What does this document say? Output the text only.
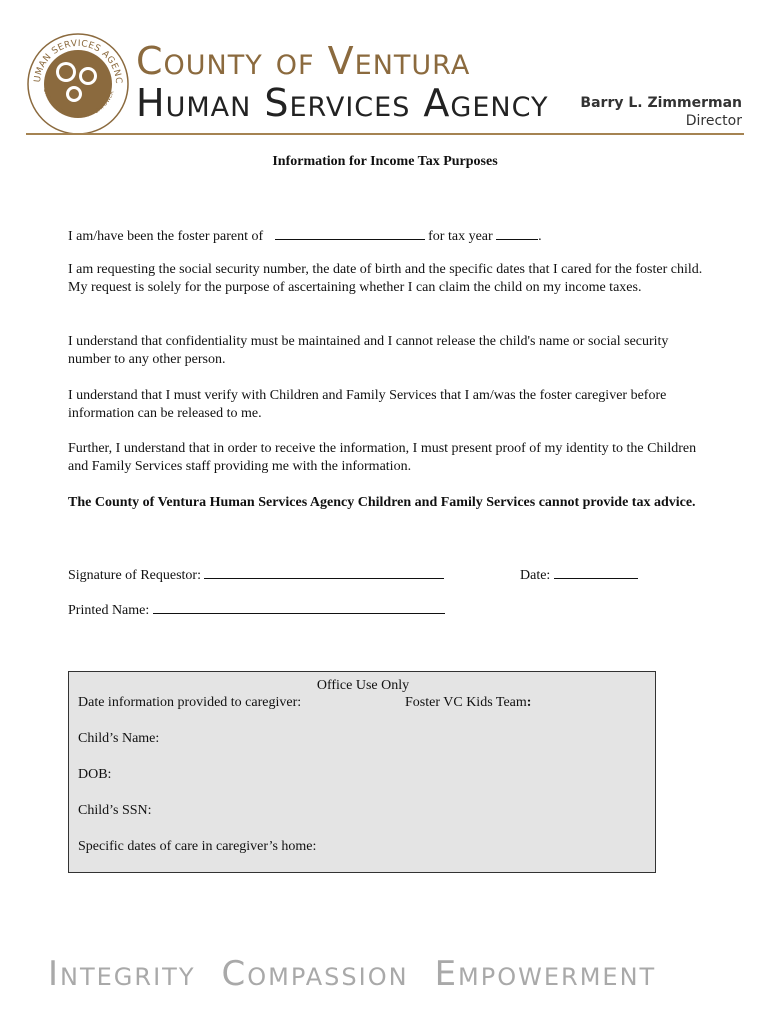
UMAN SERVICES AGENC
GRITY • COMPASSION • EMPOWER
County of Ventura
Human Services Agency Barry L. Zimmerman
Director
Information for Income Tax Purposes
I am/have been the foster parent of	for tax year	.
I am requesting the social security number, the date of birth and the specific dates that I cared for the foster child. My request is solely for the purpose of ascertaining whether I can claim the child on my income taxes.
I understand that confidentiality must be maintained and I cannot release the child's name or social security number to any other person.
I understand that I must verify with Children and Family Services that I am/was the foster caregiver before information can be released to me.
Further, I understand that in order to receive the information, I must present proof of my identity to the Children and Family Services staff providing me with the information.
The County of Ventura Human Services Agency Children and Family Services cannot provide tax advice.
Signature of Requestor:	Date:
Printed Name:
Office Use Only
Date information provided to caregiver:	Foster VC Kids Team:
Child’s Name:
DOB:
Child’s SSN:
Specific dates of care in caregiver’s home:
Integrity Compassion Empowerment
